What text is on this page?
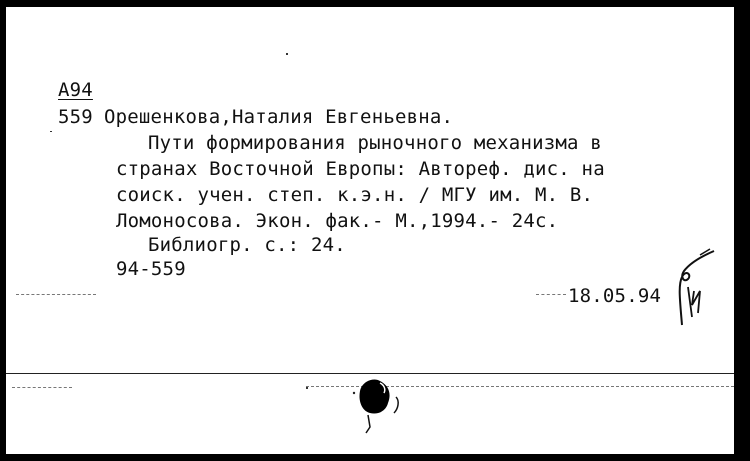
А94
559 Орешенкова,Наталия Евгеньевна.
Пути формирования рыночного механизма в
странах Восточной Европы: Автореф. дис. на
соиск. учен. степ. к.э.н. / МГУ им. М. В.
Ломоносова. Экон. фак.- М.,1994.- 24с.
Библиогр. с.: 24.
94-559
18.05.94
